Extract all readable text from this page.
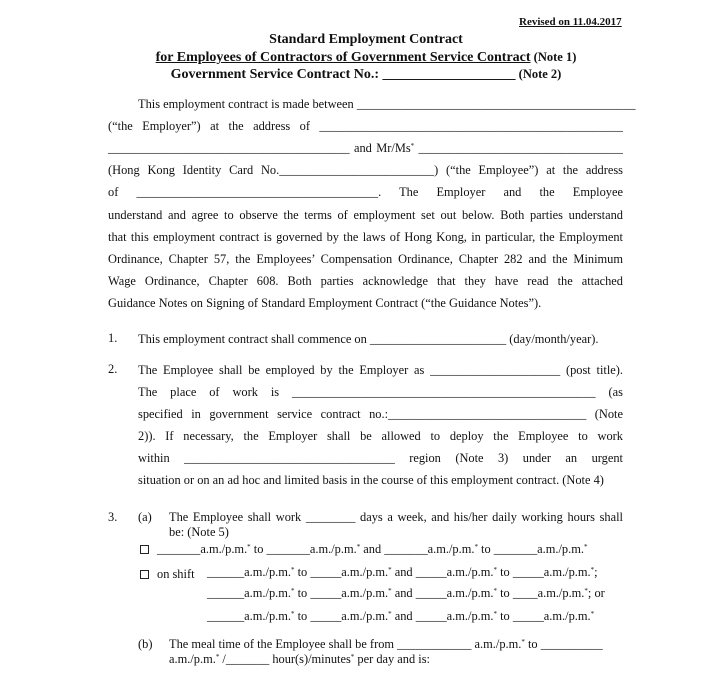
Revised on 11.04.2017
Standard Employment Contract
for Employees of Contractors of Government Service Contract (Note 1)
Government Service Contract No.: ___________________ (Note 2)
This employment contract is made between _____________________________________________
(“the Employer”) at the address of _________________________________________________
_______________________________________ and Mr/Ms* _________________________________
(Hong Kong Identity Card No._________________________) (“the Employee”) at the address
of _______________________________________. The Employer and the Employee
understand and agree to observe the terms of employment set out below. Both parties understand
that this employment contract is governed by the laws of Hong Kong, in particular, the Employment
Ordinance, Chapter 57, the Employees’ Compensation Ordinance, Chapter 282 and the Minimum
Wage Ordinance, Chapter 608. Both parties acknowledge that they have read the attached
Guidance Notes on Signing of Standard Employment Contract (“the Guidance Notes”).
1. This employment contract shall commence on ______________________ (day/month/year).
2. The Employee shall be employed by the Employer as _____________________ (post title).
The place of work is _________________________________________________ (as
specified in government service contract no.:________________________________ (Note
2)). If necessary, the Employer shall be allowed to deploy the Employee to work
within __________________________________ region (Note 3) under an urgent
situation or on an ad hoc and limited basis in the course of this employment contract. (Note 4)
3. (a) The Employee shall work ________ days a week, and his/her daily working hours shall
be: (Note 5)
_______a.m./p.m.* to _______a.m./p.m.* and _______a.m./p.m.* to _______a.m./p.m.*
on shift ______a.m./p.m.* to _____a.m./p.m.* and _____a.m./p.m.* to _____a.m./p.m.*;
______a.m./p.m.* to _____a.m./p.m.* and _____a.m./p.m.* to ____a.m./p.m.*; or
______a.m./p.m.* to _____a.m./p.m.* and _____a.m./p.m.* to _____a.m./p.m.*
(b) The meal time of the Employee shall be from ____________ a.m./p.m.* to __________
a.m./p.m.* /_______ hour(s)/minutes* per day and is:
